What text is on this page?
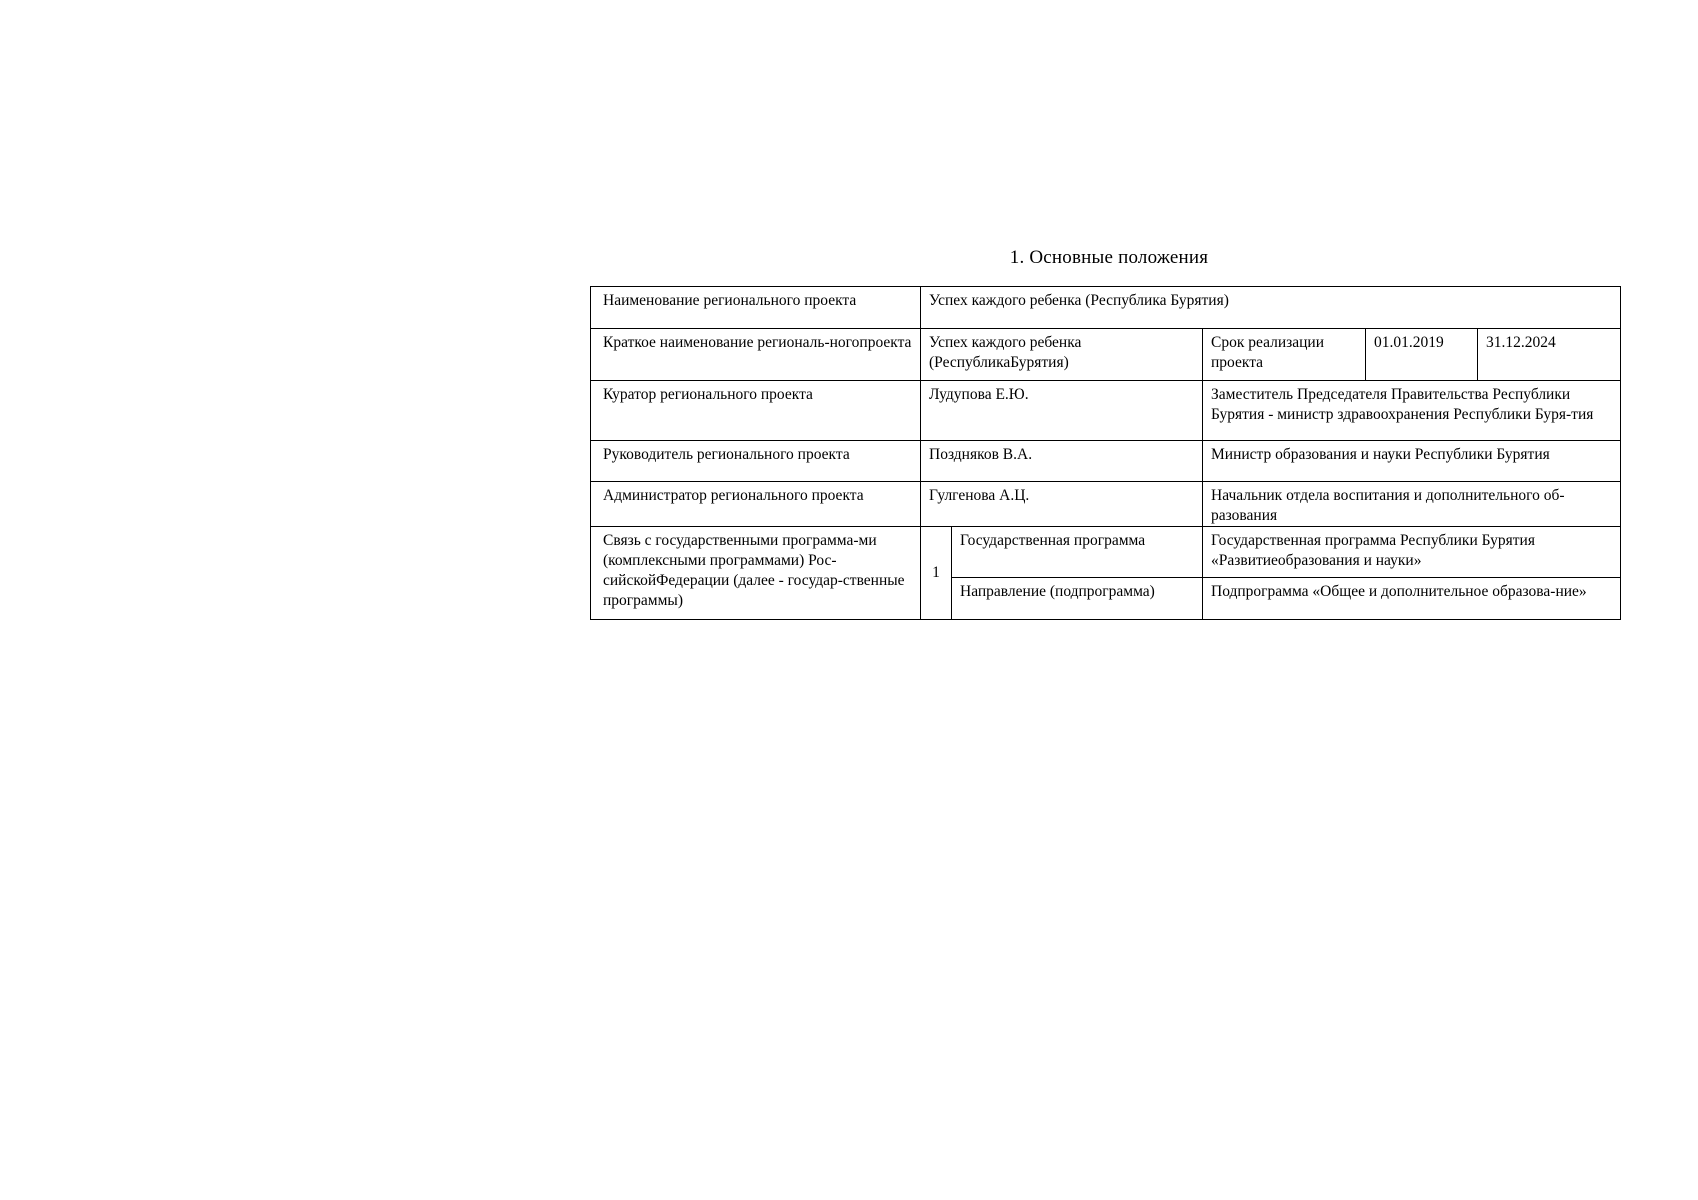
1. Основные положения
Наименование регионального проекта	Успех каждого ребенка (Республика Бурятия)				
Краткое наименование региональ-ногопроекта	Успех каждого ребенка (РеспубликаБурятия)		Срок реализации проекта	01.01.2019	31.12.2024
Куратор регионального проекта	Лудупова Е.Ю.		Заместитель Председателя Правительства Республики Бурятия - министр здравоохранения Республики Буря-тия		
Руководитель регионального проекта	Поздняков В.А.		Министр образования и науки Республики Бурятия		
Администратор регионального проекта	Гулгенова А.Ц.		Начальник отдела воспитания и дополнительного об-разования		
Связь с государственными программа-ми (комплексными программами) Рос-сийскойФедерации (далее - государ-ственные программы)	1	Государственная программа	Государственная программа Республики Бурятия «Развитиеобразования и науки»		
		Направление (подпрограмма)	Подпрограмма «Общее и дополнительное образова-ние»		
